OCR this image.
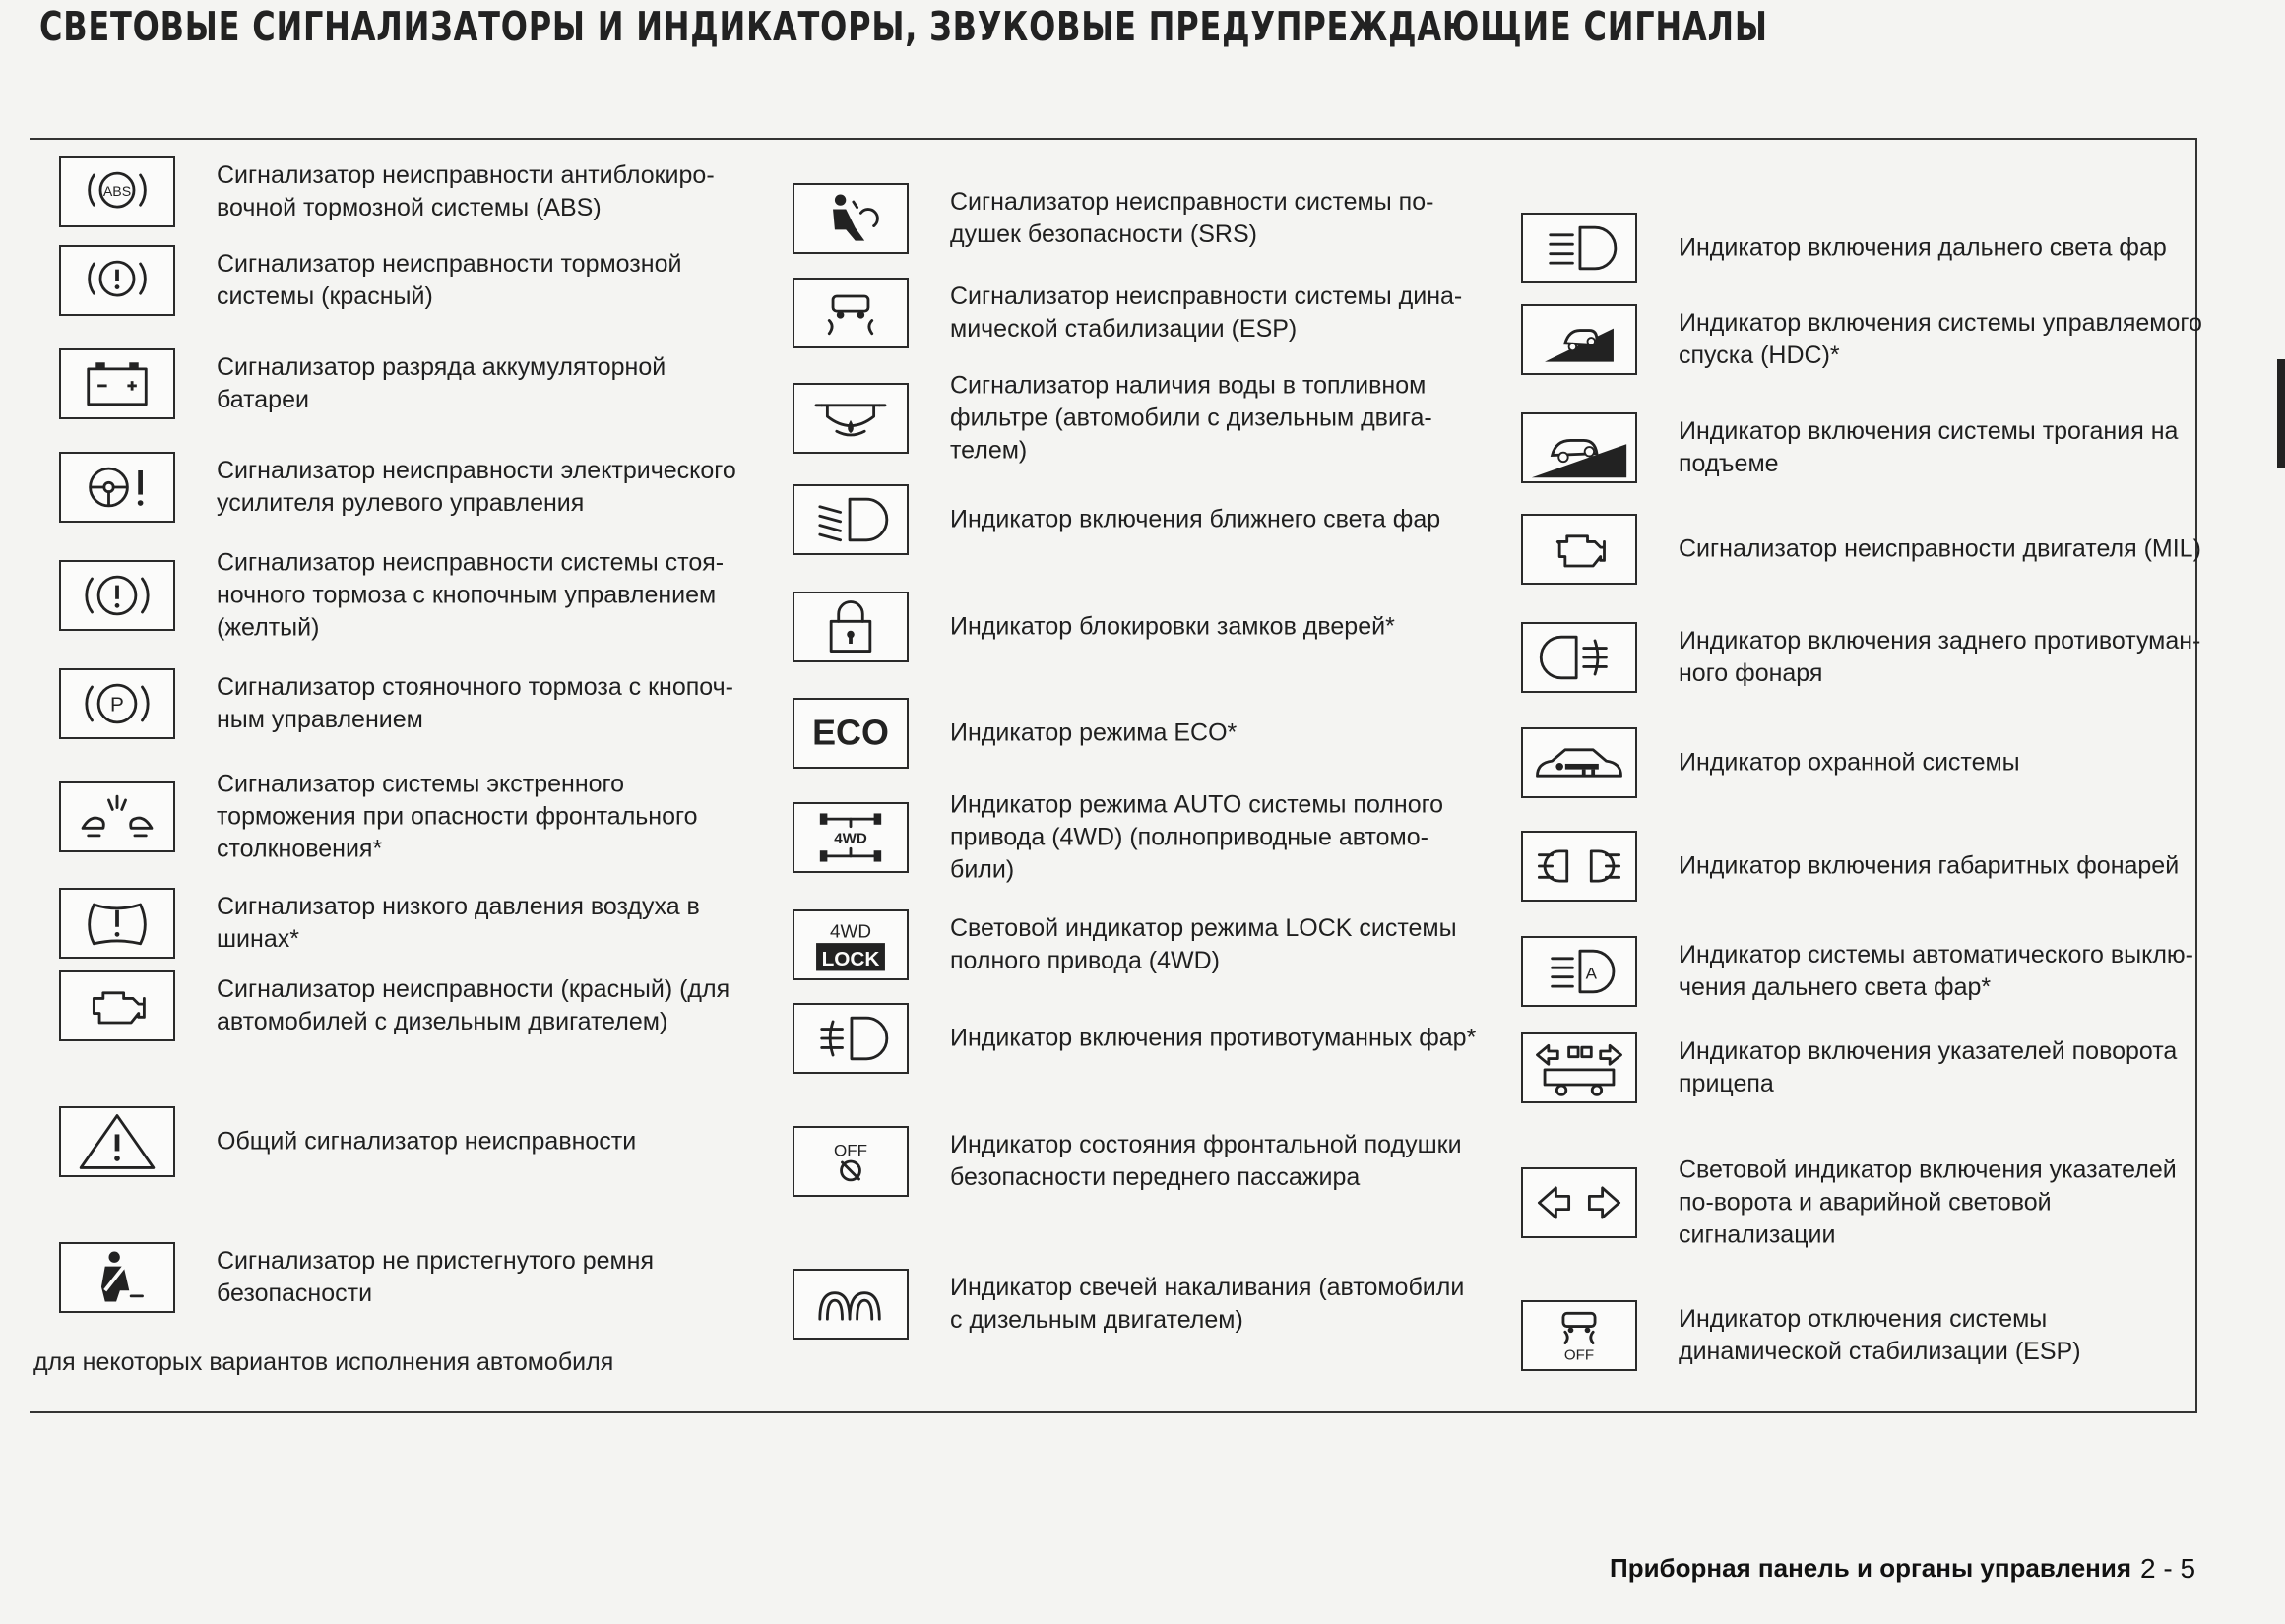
СВЕТОВЫЕ СИГНАЛИЗАТОРЫ И ИНДИКАТОРЫ, ЗВУКОВЫЕ ПРЕДУПРЕЖДАЮЩИЕ СИГНАЛЫ
ABS
Сигнализатор неисправности антиблокиро-вочной тормозной системы (ABS)
Сигнализатор неисправности тормозной системы (красный)
Сигнализатор разряда аккумуляторной батареи
Сигнализатор неисправности электрического усилителя рулевого управления
Сигнализатор неисправности системы стоя-ночного тормоза с кнопочным управлением (желтый)
P
Сигнализатор стояночного тормоза с кнопоч-ным управлением
Сигнализатор системы экстренного торможения при опасности фронтального столкновения*
Сигнализатор низкого давления воздуха в шинах*
Сигнализатор неисправности (красный) (для автомобилей с дизельным двигателем)
Общий сигнализатор неисправности
Сигнализатор не пристегнутого ремня безопасности
Сигнализатор неисправности системы по-душек безопасности (SRS)
Сигнализатор неисправности системы дина-мической стабилизации (ESP)
Сигнализатор наличия воды в топливном фильтре (автомобили с дизельным двига-телем)
Индикатор включения ближнего света фар
Индикатор блокировки замков дверей*
ECO Индикатор режима ECO*
4WD
Индикатор режима AUTO системы полного привода (4WD) (полноприводные автомо-били)
4WD
LOCK
Световой индикатор режима LOCK системы полного привода (4WD)
Индикатор включения противотуманных фар*
OFF	Индикатор состояния фронтальной подушки безопасности переднего пассажира
Индикатор свечей накаливания (автомобили с дизельным двигателем)
Индикатор включения дальнего света фар
Индикатор включения системы управляемого спуска (HDC)*
Индикатор включения системы трогания на подъеме
Сигнализатор неисправности двигателя (MIL)
Индикатор включения заднего противотуман-ного фонаря
Индикатор охранной системы
Индикатор включения габаритных фонарей
A
Индикатор системы автоматического выклю-чения дальнего света фар*
Индикатор включения указателей поворота прицепа
Световой индикатор включения указателей по-ворота и аварийной световой сигнализации
OFF
Индикатор отключения системы динамической стабилизации (ESP)
для некоторых вариантов исполнения автомобиля
Приборная панель и органы управления 2 - 5
